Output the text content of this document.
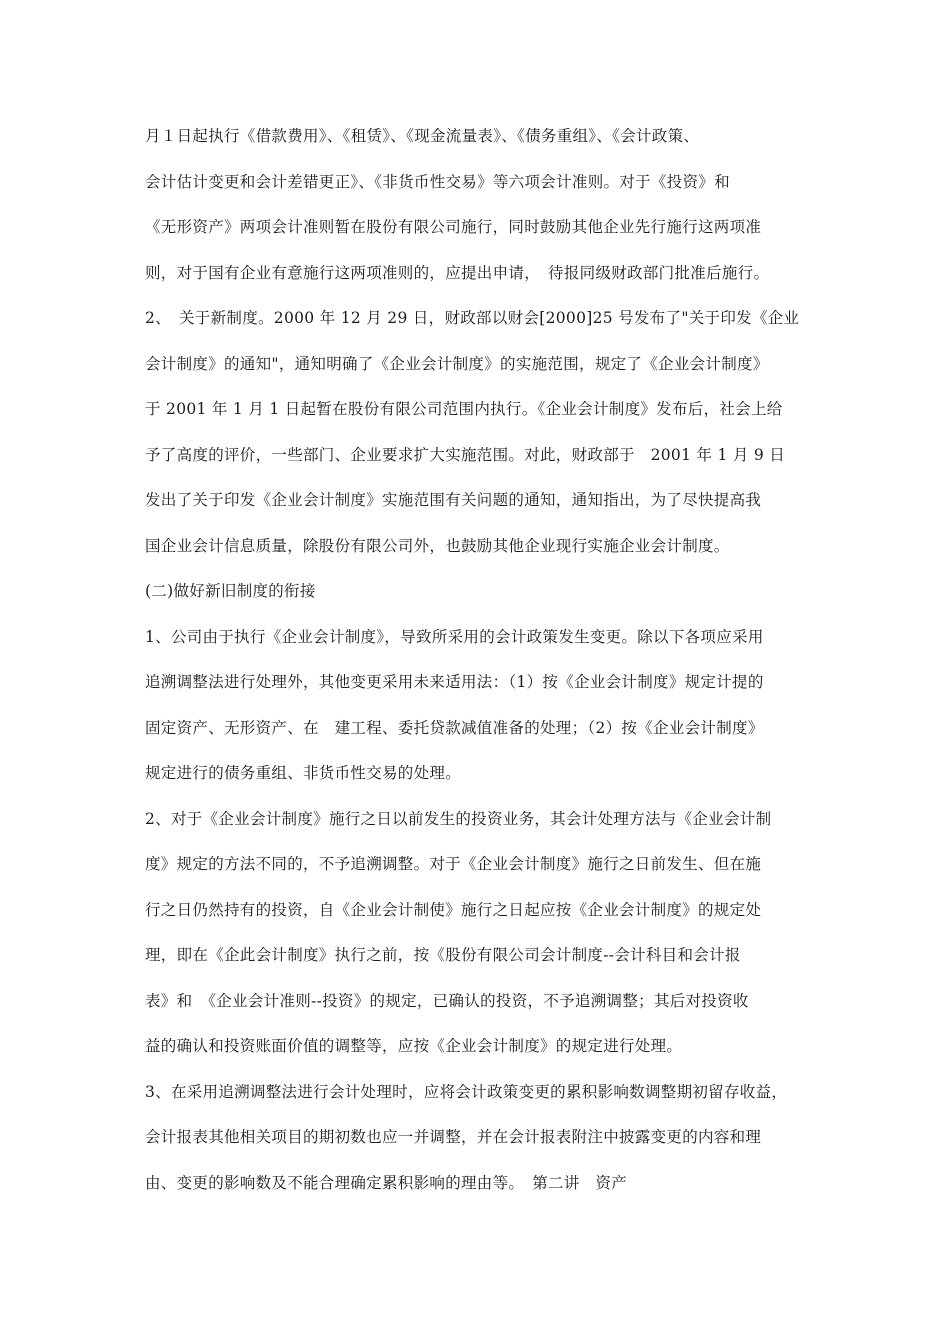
月１日起执行《借款费用》、《租赁》、《现金流量表》、《债务重组》、《会计政策、
会计估计变更和会计差错更正》、《非货币性交易》等六项会计准则。对于《投资》和
《无形资产》两项会计准则暂在股份有限公司施行，同时鼓励其他企业先行施行这两项准
则，对于国有企业有意施行这两项准则的，应提出申请，　待报同级财政部门批准后施行。
2、　关于新制度。2000 年 12 月 29 日，财政部以财会[2000]25 号发布了"关于印发《企业
会计制度》的通知"，通知明确了《企业会计制度》的实施范围，规定了《企业会计制度》
于 2001 年 1 月 1 日起暂在股份有限公司范围内执行。《企业会计制度》发布后，社会上给
予了高度的评价，一些部门、企业要求扩大实施范围。对此，财政部于　2001 年 1 月 9 日
发出了关于印发《企业会计制度》实施范围有关问题的通知，通知指出，为了尽快提高我
国企业会计信息质量，除股份有限公司外，也鼓励其他企业现行实施企业会计制度。
(二)做好新旧制度的衔接
1、公司由于执行《企业会计制度》，导致所采用的会计政策发生变更。除以下各项应采用
追溯调整法进行处理外，其他变更采用未来适用法：（1）按《企业会计制度》规定计提的
固定资产、无形资产、在　建工程、委托贷款减值准备的处理；（2）按《企业会计制度》
规定进行的债务重组、非货币性交易的处理。
2、对于《企业会计制度》施行之日以前发生的投资业务，其会计处理方法与《企业会计制
度》规定的方法不同的，不予追溯调整。对于《企业会计制度》施行之日前发生、但在施
行之日仍然持有的投资，自《企业会计制使》施行之日起应按《企业会计制度》的规定处
理，即在《企此会计制度》执行之前，按《股份有限公司会计制度--会计科目和会计报
表》和　《企业会计准则--投资》的规定，已确认的投资，不予追溯调整；其后对投资收
益的确认和投资账面价值的调整等，应按《企业会计制度》的规定进行处理。
3、在采用追溯调整法进行会计处理时，应将会计政策变更的累积影响数调整期初留存收益，
会计报表其他相关项目的期初数也应一并调整，并在会计报表附注中披露变更的内容和理
由、变更的影响数及不能合理确定累积影响的理由等。　第二讲　资产
